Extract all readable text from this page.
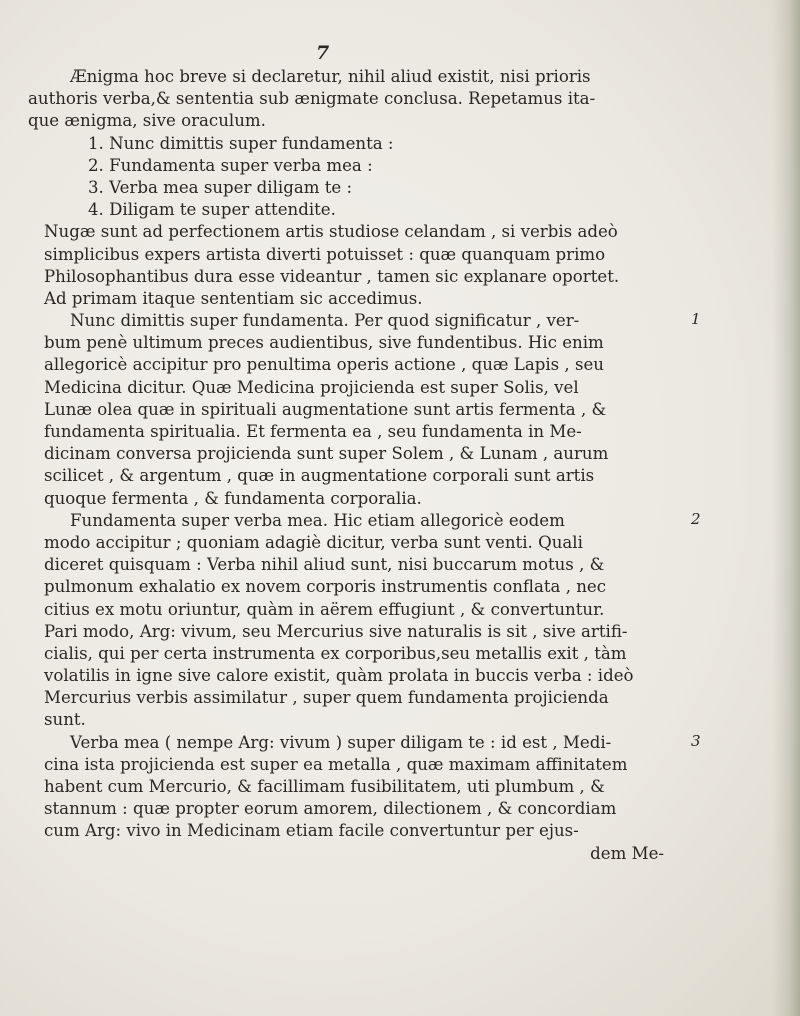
7
Ænigma hoc breve si declaretur, nihil aliud existit, nisi prioris
authoris verba,& sententia sub ænigmate conclusa. Repetamus ita-
que ænigma, sive oraculum.
1. Nunc dimittis super fundamenta :
2. Fundamenta super verba mea :
3. Verba mea super diligam te :
4. Diligam te super attendite.
Nugæ sunt ad perfectionem artis studiose celandam , si verbis adeò
simplicibus expers artista diverti potuisset : quæ quanquam primo
Philosophantibus dura esse videantur , tamen sic explanare oportet.
Ad primam itaque sententiam sic accedimus.
Nunc dimittis super fundamenta. Per quod significatur , ver-	1
bum penè ultimum preces audientibus, sive fundentibus. Hic enim
allegoricè accipitur pro penultima operis actione , quæ Lapis , seu
Medicina dicitur. Quæ Medicina projicienda est super Solis, vel
Lunæ olea quæ in spirituali augmentatione sunt artis fermenta , &
fundamenta spiritualia. Et fermenta ea , seu fundamenta in Me-
dicinam conversa projicienda sunt super Solem , & Lunam , aurum
scilicet , & argentum , quæ in augmentatione corporali sunt artis
quoque fermenta , & fundamenta corporalia.
Fundamenta super verba mea. Hic etiam allegoricè eodem	2
modo accipitur ; quoniam adagiè dicitur, verba sunt venti. Quali
diceret quisquam : Verba nihil aliud sunt, nisi buccarum motus , &
pulmonum exhalatio ex novem corporis instrumentis conflata , nec
citius ex motu oriuntur, quàm in aërem effugiunt , & convertuntur.
Pari modo, Arg: vivum, seu Mercurius sive naturalis is sit , sive artifi-
cialis, qui per certa instrumenta ex corporibus,seu metallis exit , tàm
volatilis in igne sive calore existit, quàm prolata in buccis verba : ideò
Mercurius verbis assimilatur , super quem fundamenta projicienda
sunt.
Verba mea ( nempe Arg: vivum ) super diligam te : id est , Medi-	3
cina ista projicienda est super ea metalla , quæ maximam affinitatem
habent cum Mercurio, & facillimam fusibilitatem, uti plumbum , &
stannum : quæ propter eorum amorem, dilectionem , & concordiam
cum Arg: vivo in Medicinam etiam facile convertuntur per ejus-
dem Me-
